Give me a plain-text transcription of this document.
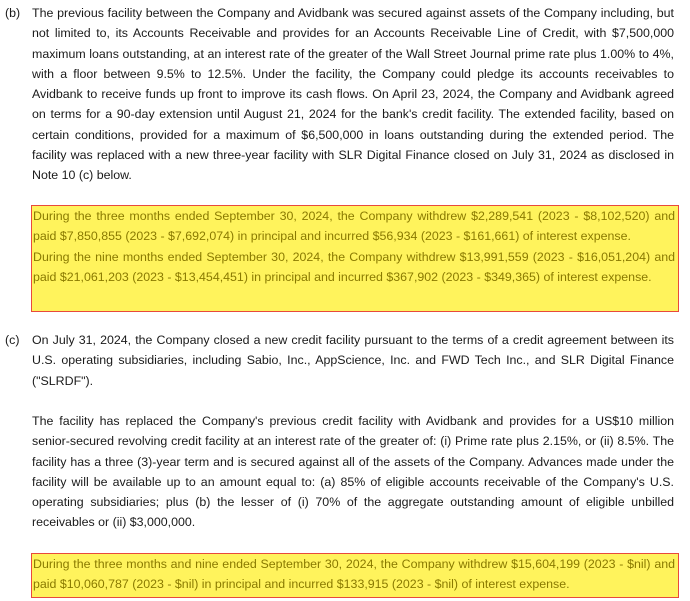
(b) The previous facility between the Company and Avidbank was secured against assets of the Company including, but not limited to, its Accounts Receivable and provides for an Accounts Receivable Line of Credit, with $7,500,000 maximum loans outstanding, at an interest rate of the greater of the Wall Street Journal prime rate plus 1.00% to 4%, with a floor between 9.5% to 12.5%. Under the facility, the Company could pledge its accounts receivables to Avidbank to receive funds up front to improve its cash flows. On April 23, 2024, the Company and Avidbank agreed on terms for a 90-day extension until August 21, 2024 for the bank's credit facility. The extended facility, based on certain conditions, provided for a maximum of $6,500,000 in loans outstanding during the extended period. The facility was replaced with a new three-year facility with SLR Digital Finance closed on July 31, 2024 as disclosed in Note 10 (c) below.

During the three months ended September 30, 2024, the Company withdrew $2,289,541 (2023 - $8,102,520) and paid $7,850,855 (2023 - $7,692,074) in principal and incurred $56,934 (2023 - $161,661) of interest expense.

During the nine months ended September 30, 2024, the Company withdrew $13,991,559 (2023 - $16,051,204) and paid $21,061,203 (2023 - $13,454,451) in principal and incurred $367,902 (2023 - $349,365) of interest expense.

(c) On July 31, 2024, the Company closed a new credit facility pursuant to the terms of a credit agreement between its U.S. operating subsidiaries, including Sabio, Inc., AppScience, Inc. and FWD Tech Inc., and SLR Digital Finance ("SLRDF").

The facility has replaced the Company's previous credit facility with Avidbank and provides for a US$10 million senior-secured revolving credit facility at an interest rate of the greater of: (i) Prime rate plus 2.15%, or (ii) 8.5%. The facility has a three (3)-year term and is secured against all of the assets of the Company. Advances made under the facility will be available up to an amount equal to: (a) 85% of eligible accounts receivable of the Company's U.S. operating subsidiaries; plus (b) the lesser of (i) 70% of the aggregate outstanding amount of eligible unbilled receivables or (ii) $3,000,000.

During the three months and nine ended September 30, 2024, the Company withdrew $15,604,199 (2023 - $nil) and paid $10,060,787 (2023 - $nil) in principal and incurred $133,915 (2023 - $nil) of interest expense.
